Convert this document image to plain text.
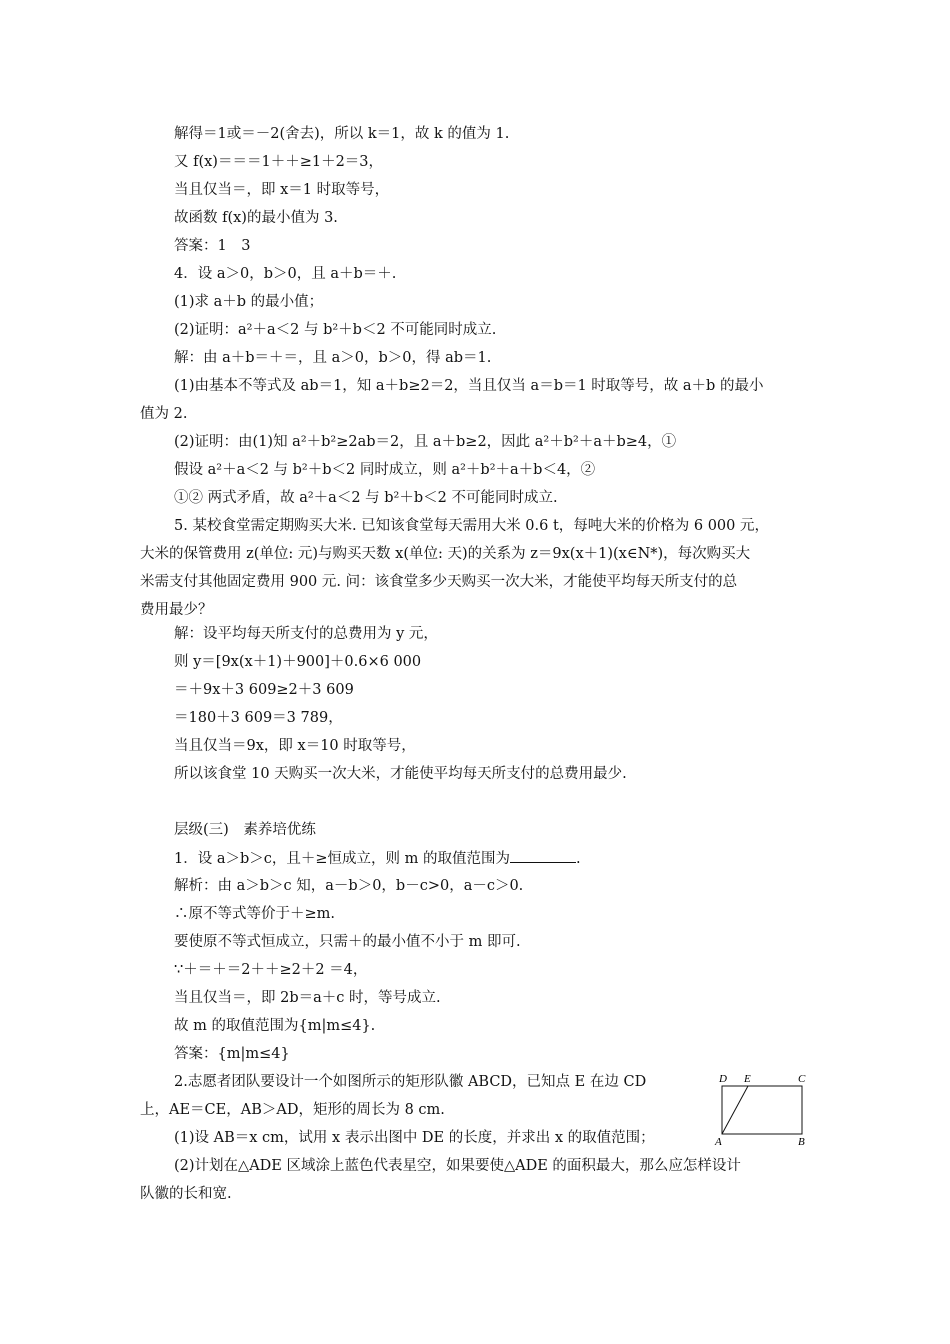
解得＝1或＝－2(舍去)，所以 k＝1，故 k 的值为 1.
又 f(x)＝＝＝1＋＋≥1＋2＝3，
当且仅当＝，即 x＝1 时取等号，
故函数 f(x)的最小值为 3.
答案：1　3
4．设 a＞0，b＞0，且 a＋b＝＋.
(1)求 a＋b 的最小值；
(2)证明：a²＋a＜2 与 b²＋b＜2 不可能同时成立.
解：由 a＋b＝＋＝，且 a＞0，b＞0，得 ab＝1.
(1)由基本不等式及 ab＝1，知 a＋b≥2＝2，当且仅当 a＝b＝1 时取等号，故 a＋b 的最小
值为 2.
(2)证明：由(1)知 a²＋b²≥2ab＝2，且 a＋b≥2，因此 a²＋b²＋a＋b≥4，①
假设 a²＋a＜2 与 b²＋b＜2 同时成立，则 a²＋b²＋a＋b＜4，②
①② 两式矛盾，故 a²＋a＜2 与 b²＋b＜2 不可能同时成立.
5. 某校食堂需定期购买大米. 已知该食堂每天需用大米 0.6 t，每吨大米的价格为 6 000 元，
大米的保管费用 z(单位: 元)与购买天数 x(单位: 天)的关系为 z＝9x(x＋1)(x∈N*)，每次购买大
米需支付其他固定费用 900 元. 问：该食堂多少天购买一次大米，才能使平均每天所支付的总
费用最少？
解：设平均每天所支付的总费用为 y 元，
则 y＝[9x(x＋1)＋900]＋0.6×6 000
＝＋9x＋3 609≥2＋3 609
＝180＋3 609＝3 789，
当且仅当＝9x，即 x＝10 时取等号，
所以该食堂 10 天购买一次大米，才能使平均每天所支付的总费用最少.
层级(三)　素养培优练
1．设 a＞b＞c，且＋≥恒成立，则 m 的取值范围为	.
解析：由 a＞b＞c 知，a－b＞0，b－c>0，a－c＞0.
∴原不等式等价于＋≥m.
要使原不等式恒成立，只需＋的最小值不小于 m 即可.
∵＋＝＋＝2＋＋≥2＋2 ＝4，
当且仅当＝，即 2b＝a＋c 时，等号成立.
故 m 的取值范围为{m|m≤4}.
答案：{m|m≤4}
2.志愿者团队要设计一个如图所示的矩形队徽 ABCD，已知点 E 在边 CD
上，AE＝CE，AB＞AD，矩形的周长为 8 cm.
(1)设 AB＝x cm，试用 x 表示出图中 DE 的长度，并求出 x 的取值范围；
(2)计划在△ADE 区域涂上蓝色代表星空，如果要使△ADE 的面积最大，那么应怎样设计
队徽的长和宽.
D E	C
A	B
